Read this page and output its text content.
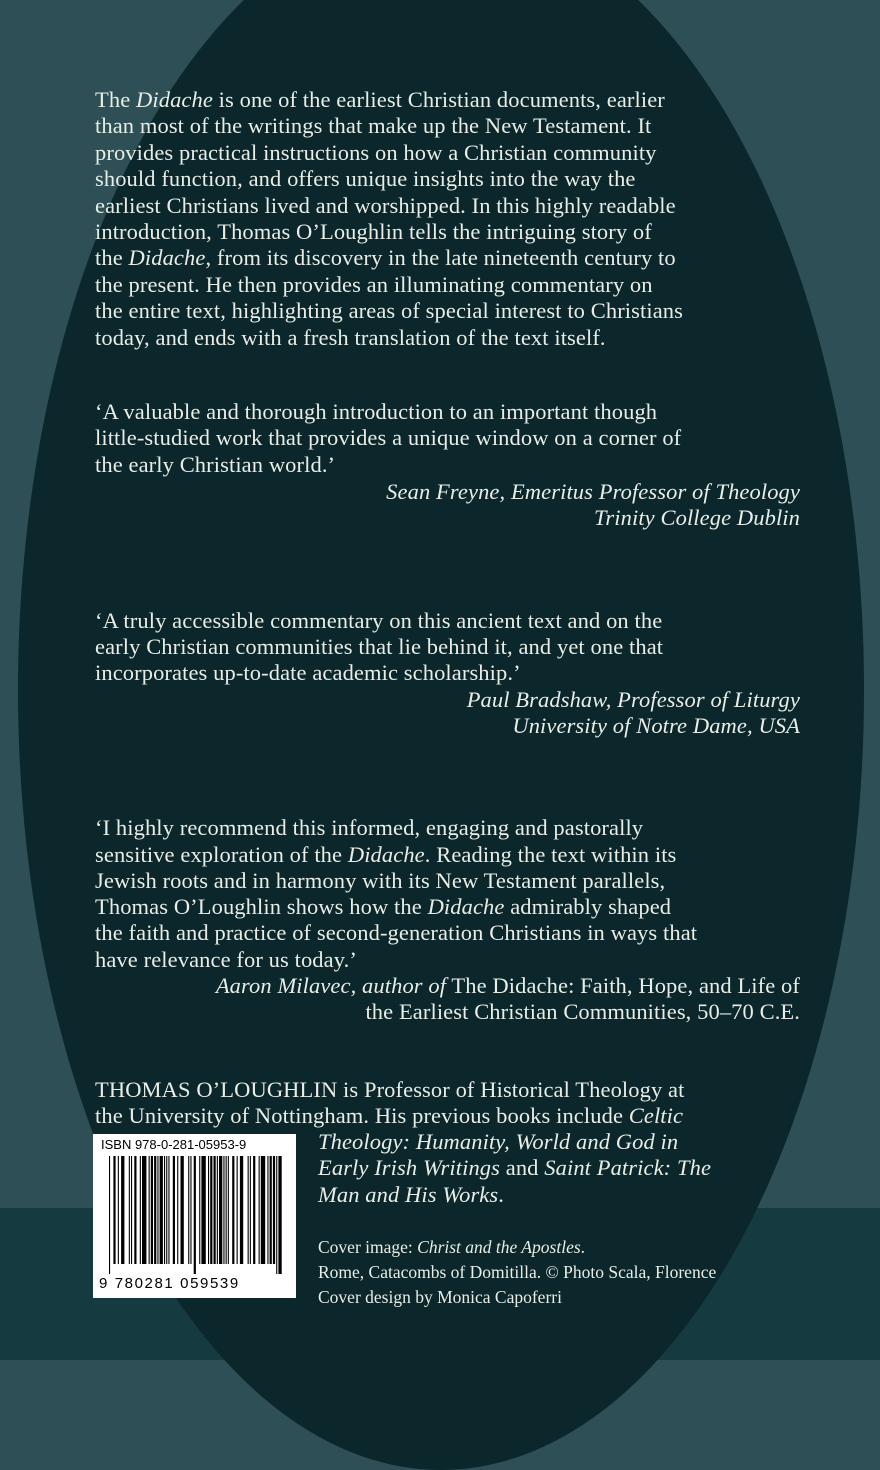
The Didache is one of the earliest Christian documents, earlier
than most of the writings that make up the New Testament. It
provides practical instructions on how a Christian community
should function, and offers unique insights into the way the
earliest Christians lived and worshipped. In this highly readable
introduction, Thomas O’Loughlin tells the intriguing story of
the Didache, from its discovery in the late nineteenth century to
the present. He then provides an illuminating commentary on
the entire text, highlighting areas of special interest to Christians
today, and ends with a fresh translation of the text itself.
‘A valuable and thorough introduction to an important though
little-studied work that provides a unique window on a corner of
the early Christian world.’
Sean Freyne, Emeritus Professor of Theology
Trinity College Dublin
‘A truly accessible commentary on this ancient text and on the
early Christian communities that lie behind it, and yet one that
incorporates up-to-date academic scholarship.’
Paul Bradshaw, Professor of Liturgy
University of Notre Dame, USA
‘I highly recommend this informed, engaging and pastorally
sensitive exploration of the Didache. Reading the text within its
Jewish roots and in harmony with its New Testament parallels,
Thomas O’Loughlin shows how the Didache admirably shaped
the faith and practice of second-generation Christians in ways that
have relevance for us today.’
Aaron Milavec, author of The Didache: Faith, Hope, and Life of
the Earliest Christian Communities, 50–70 C.E.
THOMAS O’LOUGHLIN is Professor of Historical Theology at
the University of Nottingham. His previous books include Celtic
Theology: Humanity, World and God in
Early Irish Writings and Saint Patrick: The
Man and His Works.
Cover image: Christ and the Apostles.
Rome, Catacombs of Domitilla. © Photo Scala, Florence
Cover design by Monica Capoferri
ISBN 978-0-281-05953-9
9 780281 059539
